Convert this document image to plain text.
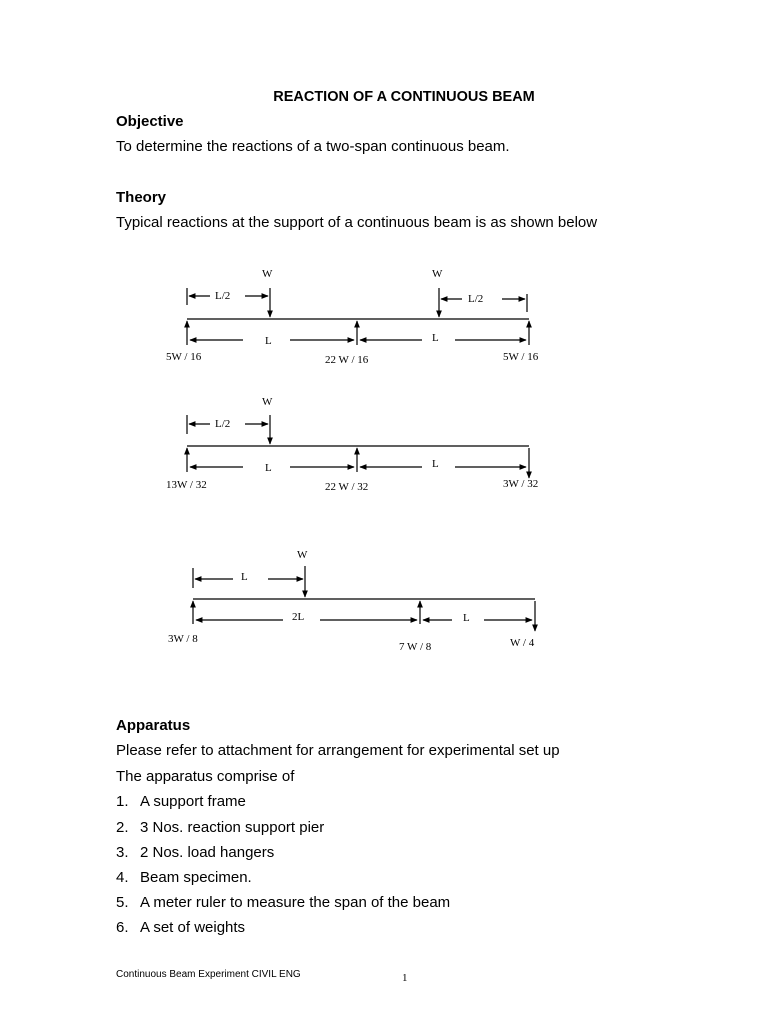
REACTION OF A CONTINUOUS BEAM
Objective
To determine the reactions of a two-span continuous beam.
Theory
Typical reactions at the support of a continuous beam is as shown below
W	W
L/2	L/2
L	L
5W / 16	22 W / 16	5W / 16
W
L/2
L	L
13W / 32	22 W / 32	3W / 32
W
L
2L	L
3W / 8
7 W / 8	W / 4
Apparatus
Please refer to attachment for arrangement for experimental set up
The apparatus comprise of
1. A support frame
2. 3 Nos. reaction support pier
3. 2 Nos. load hangers
4. Beam specimen.
5. A meter ruler to measure the span of the beam
6. A set of weights
Continuous Beam Experiment CIVIL ENG	1
